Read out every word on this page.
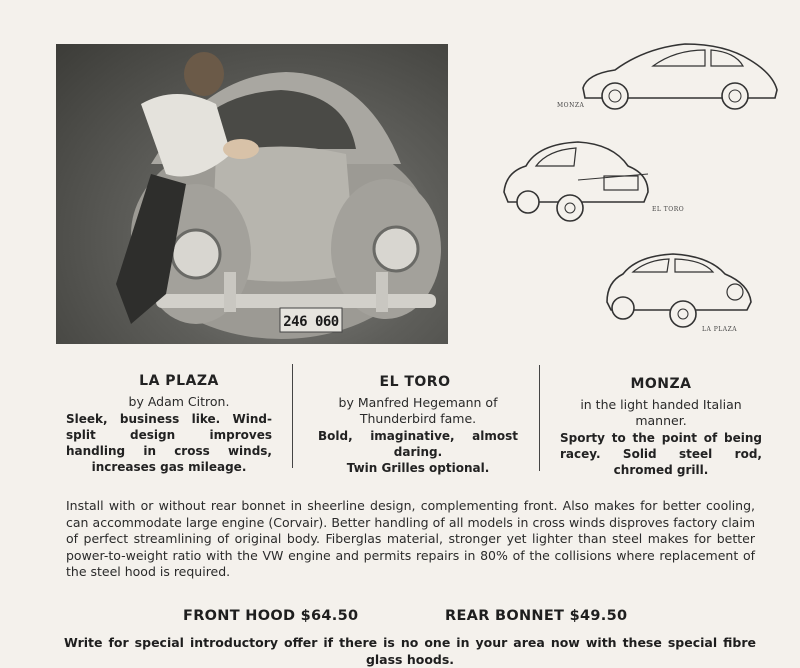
246 060
MONZA
EL TORO
LA PLAZA
LA PLAZA
by Adam Citron.
Sleek, business like. Wind-split design improves handling in cross winds, increases gas mileage.
EL TORO
by Manfred Hegemann of Thunderbird fame.
Bold, imaginative, almost daring.
Twin Grilles optional.
MONZA
in the light handed Italian manner.
Sporty to the point of being racey. Solid steel rod, chromed grill.
Install with or without rear bonnet in sheerline design, complementing front. Also makes for better cooling, can accommodate large engine (Corvair). Better handling of all models in cross winds disproves factory claim of perfect streamlining of original body. Fiberglas material, stronger yet lighter than steel makes for better power-to-weight ratio with the VW engine and permits repairs in 80% of the collisions where replacement of the steel hood is required.
FRONT HOOD $64.50	REAR BONNET $49.50
Write for special introductory offer if there is no one in your area now with these special fibre glass hoods.
